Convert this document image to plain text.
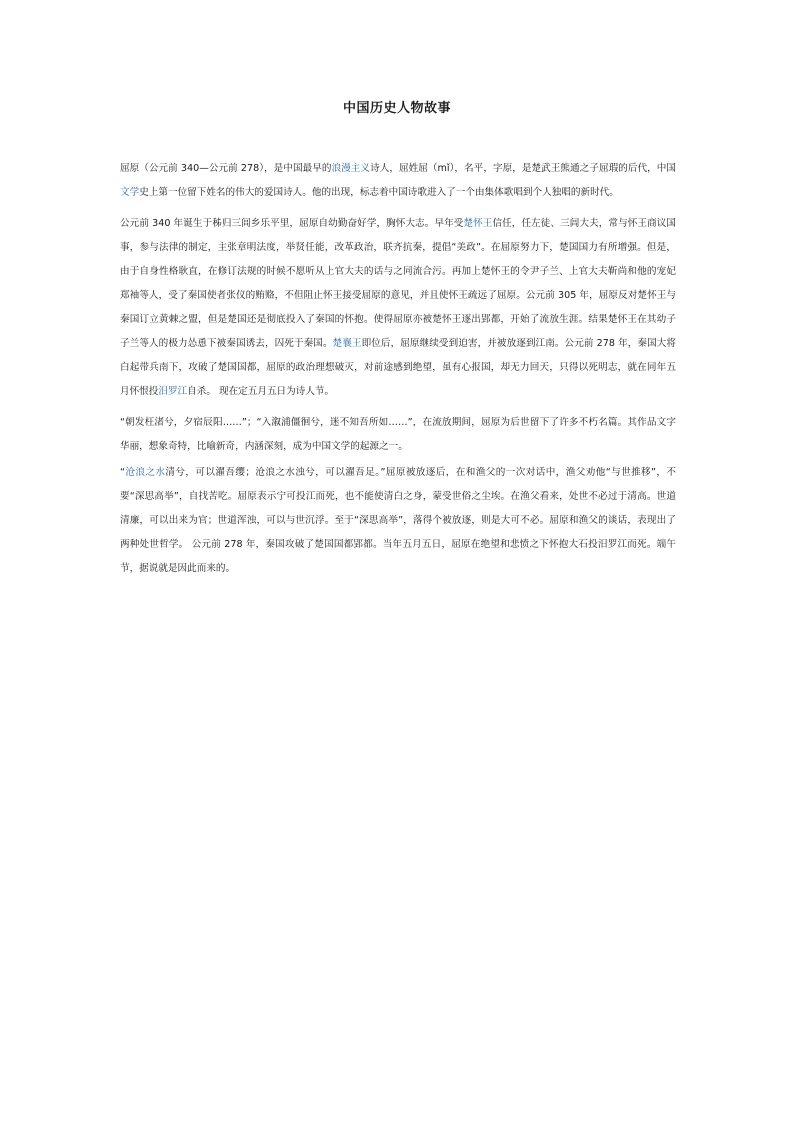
中国历史人物故事

屈原（公元前 340—公元前 278），是中国最早的浪漫主义诗人，屈姓屈（mǐ），名平，字原，是楚武王熊通之子屈瑕的后代，中国文学史上第一位留下姓名的伟大的爱国诗人。他的出现，标志着中国诗歌进入了一个由集体歌唱到个人独唱的新时代。

公元前 340 年诞生于秭归三闾乡乐平里，屈原自幼勤奋好学，胸怀大志。早年受楚怀王信任，任左徒、三闾大夫，常与怀王商议国事，参与法律的制定，主张章明法度，举贤任能，改革政治，联齐抗秦，提倡“美政”。在屈原努力下，楚国国力有所增强。但是，由于自身性格耿直，在修订法规的时候不愿听从上官大夫的话与之同流合污。再加上楚怀王的令尹子兰、上官大夫靳尚和他的宠妃郑袖等人，受了秦国使者张仪的贿赂，不但阻止怀王接受屈原的意见，并且使怀王疏远了屈原。公元前 305 年，屈原反对楚怀王与秦国订立黄棘之盟，但是楚国还是彻底投入了秦国的怀抱。使得屈原亦被楚怀王逐出郢都，开始了流放生涯。结果楚怀王在其幼子子兰等人的极力怂恿下被秦国诱去，囚死于秦国。楚襄王即位后，屈原继续受到迫害，并被放逐到江南。公元前 278 年，秦国大将白起带兵南下，攻破了楚国国都，屈原的政治理想破灭，对前途感到绝望，虽有心报国，却无力回天，只得以死明志，就在同年五月怀恨投汨罗江自杀。 现在定五月五日为诗人节。

“朝发枉渚兮，夕宿辰阳……”；“入溆浦僵徊兮，迷不知吾所如……”，在流放期间，屈原为后世留下了许多不朽名篇。其作品文字华丽，想象奇特，比喻新奇，内涵深刻，成为中国文学的起源之一。

“沧浪之水清兮，可以濯吾缨；沧浪之水浊兮，可以濯吾足。”屈原被放逐后，在和渔父的一次对话中，渔父劝他“与世推移”，不要“深思高举”，自找苦吃。屈原表示宁可投江而死，也不能使清白之身，蒙受世俗之尘埃。在渔父看来，处世不必过于清高。世道清廉，可以出来为官；世道浑浊，可以与世沉浮。至于“深思高举”，落得个被放逐，则是大可不必。屈原和渔父的谈话，表现出了两种处世哲学。 公元前 278 年，秦国攻破了楚国国都郢都。当年五月五日，屈原在绝望和悲愤之下怀抱大石投汨罗江而死。端午节，据说就是因此而来的。
